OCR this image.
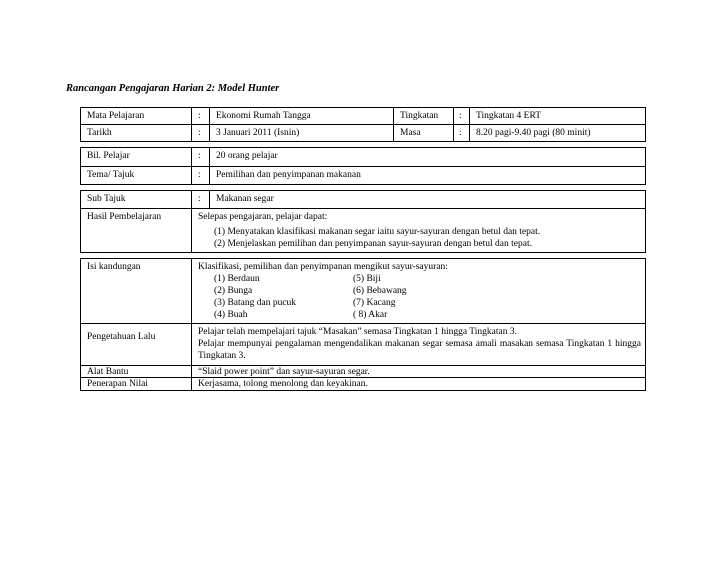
Rancangan Pengajaran Harian 2: Model Hunter
Mata Pelajaran	:	Ekonomi Rumah Tangga	Tingkatan	:	Tingkatan 4 ERT
Tarikh	:	3 Januari 2011 (Isnin)	Masa	:	8.20 pagi-9.40 pagi (80 minit)
Bil. Pelajar	:	20 orang pelajar
Tema/ Tajuk	:	Pemilihan dan penyimpanan makanan
Sub Tajuk	:	Makanan segar
Hasil Pembelajaran	Selepas pengajaran, pelajar dapat:
(1) Menyatakan klasifikasi makanan segar iaitu sayur-sayuran dengan betul dan tepat.
(2) Menjelaskan pemilihan dan penyimpanan sayur-sayuran dengan betul dan tepat.
Isi kandungan	Klasifikasi, pemilihan dan penyimpanan mengikut sayur-sayuran:
(1) Berdaun	(5) Biji
(2) Bunga	(6) Bebawang
(3) Batang dan pucuk	(7) Kacang
(4) Buah	( 8) Akar
Pengetahuan Lalu	Pelajar telah mempelajari tajuk “Masakan” semasa Tingkatan 1 hingga Tingkatan 3.
Pelajar mempunyai pengalaman mengendalikan makanan segar semasa amali masakan semasa Tingkatan 1 hingga Tingkatan 3.
Alat Bantu	“Slaid power point” dan sayur-sayuran segar.
Penerapan Nilai	Kerjasama, tolong menolong dan keyakinan.
